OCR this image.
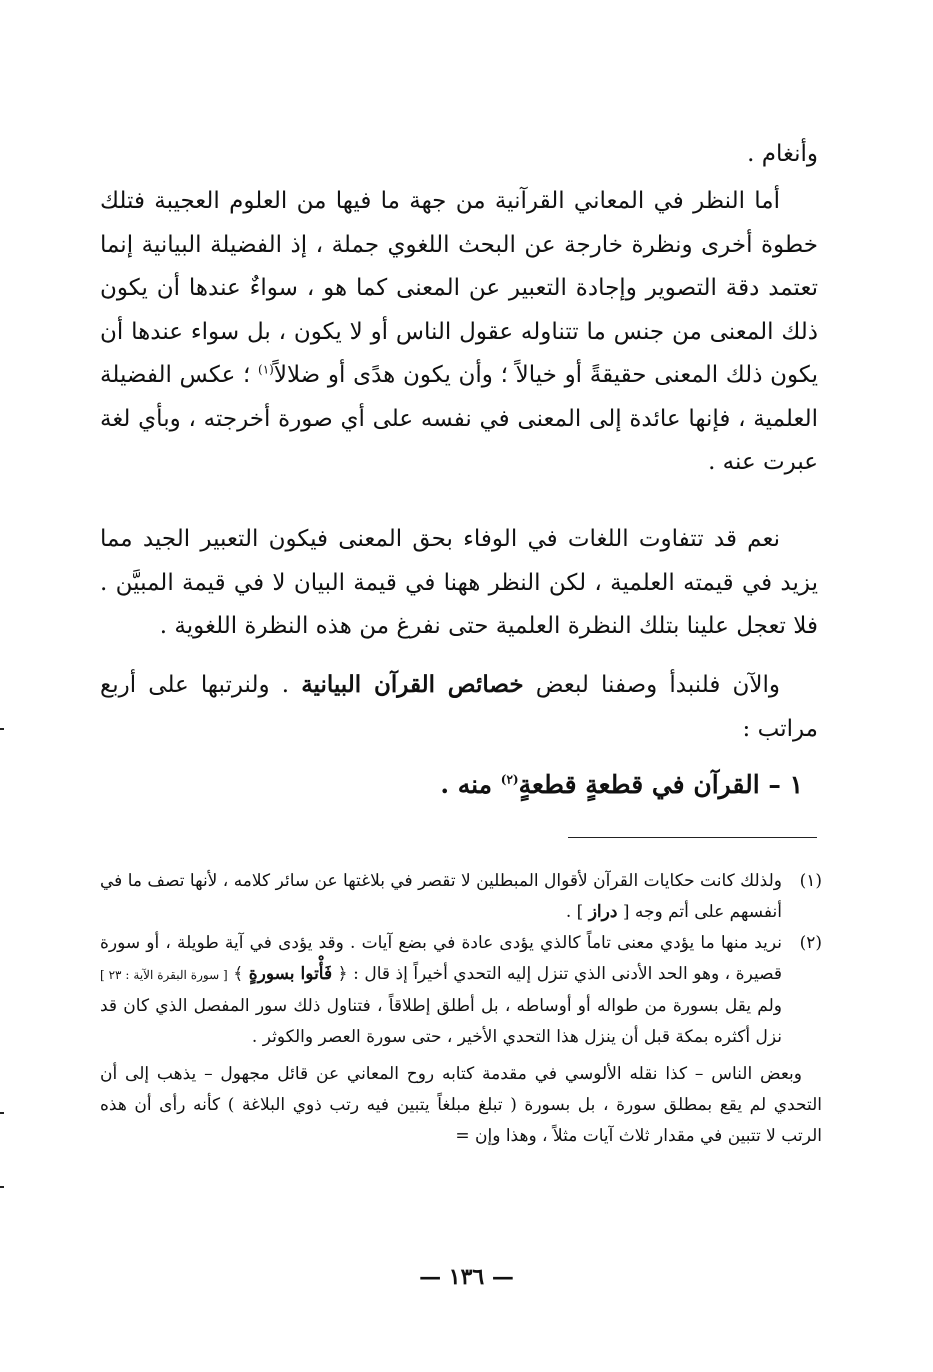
وأنغام .
أما النظر في المعاني القرآنية من جهة ما فيها من العلوم العجيبة فتلك خطوة أخرى ونظرة خارجة عن البحث اللغوي جملة ، إذ الفضيلة البيانية إنما تعتمد دقة التصوير وإجادة التعبير عن المعنى كما هو ، سواءٌ عندها أن يكون ذلك المعنى من جنس ما تتناوله عقول الناس أو لا يكون ، بل سواء عندها أن يكون ذلك المعنى حقيقةً أو خيالاً ؛ وأن يكون هدًى أو ضلالاً$^{(١)}$ ؛ عكس الفضيلة العلمية ، فإنها عائدة إلى المعنى في نفسه على أي صورة أخرجته ، وبأي لغة عبرت عنه .
نعم قد تتفاوت اللغات في الوفاء بحق المعنى فيكون التعبير الجيد مما يزيد في قيمته العلمية ، لكن النظر ههنا في قيمة البيان لا في قيمة المبيَّن . فلا تعجل علينا بتلك النظرة العلمية حتى نفرغ من هذه النظرة اللغوية .
والآن فلنبدأ وصفنا لبعض خصائص القرآن البيانية . ولنرتبها على أربع مراتب :
١ – القرآن في قطعةٍ قطعةٍ$^{(٢)}$ منه .
(١)
ولذلك كانت حكايات القرآن لأقوال المبطلين لا تقصر في بلاغتها عن سائر كلامه ، لأنها تصف ما في أنفسهم على أتم وجه [ دراز ] .
(٢)
نريد منها ما يؤدي معنى تاماً كالذي يؤدى عادة في بضع آيات . وقد يؤدى في آية طويلة ، أو سورة قصيرة ، وهو الحد الأدنى الذي تنزل إليه التحدي أخيراً إذ قال : ﴿ فَأْتوا بسورةٍ ﴾ [ سورة البقرة الآية : ٢٣ ] ولم يقل بسورة من طواله أو أوساطه ، بل أطلق إطلاقاً ، فتناول ذلك سور المفصل الذي كان قد نزل أكثره بمكة قبل أن ينزل هذا التحدي الأخير ، حتى سورة العصر والكوثر .
وبعض الناس – كذا نقله الألوسي في مقدمة كتابه روح المعاني عن قائل مجهول – يذهب إلى أن التحدي لم يقع بمطلق سورة ، بل بسورة ( تبلغ مبلغاً يتبين فيه رتب ذوي البلاغة ) كأنه رأى أن هذه الرتب لا تتبين في مقدار ثلاث آيات مثلاً ، وهذا وإن =
— ١٣٦ —
